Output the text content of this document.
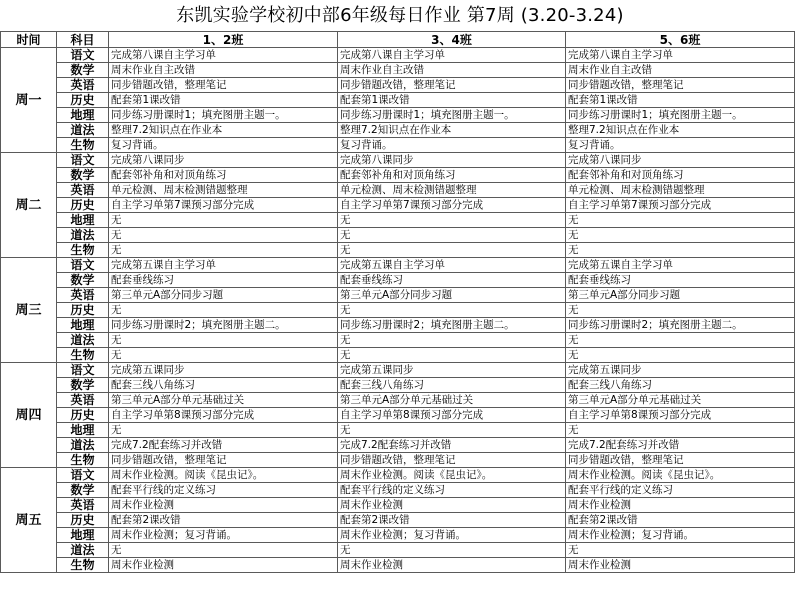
东凯实验学校初中部6年级每日作业 第7周 (3.20-3.24)
时间	科目	1、2班	3、4班	5、6班
周一	语文	完成第八课自主学习单	完成第八课自主学习单	完成第八课自主学习单
	数学	周末作业自主改错	周末作业自主改错	周末作业自主改错
	英语	同步错题改错，整理笔记	同步错题改错，整理笔记	同步错题改错，整理笔记
	历史	配套第1课改错	配套第1课改错	配套第1课改错
	地理	同步练习册课时1；填充图册主题一。	同步练习册课时1；填充图册主题一。	同步练习册课时1；填充图册主题一。
	道法	整理7.2知识点在作业本	整理7.2知识点在作业本	整理7.2知识点在作业本
	生物	复习背诵。	复习背诵。	复习背诵。
周二	语文	完成第八课同步	完成第八课同步	完成第八课同步
	数学	配套邻补角和对顶角练习	配套邻补角和对顶角练习	配套邻补角和对顶角练习
	英语	单元检测、周末检测错题整理	单元检测、周末检测错题整理	单元检测、周末检测错题整理
	历史	自主学习单第7课预习部分完成	自主学习单第7课预习部分完成	自主学习单第7课预习部分完成
	地理	无	无	无
	道法	无	无	无
	生物	无	无	无
周三	语文	完成第五课自主学习单	完成第五课自主学习单	完成第五课自主学习单
	数学	配套垂线练习	配套垂线练习	配套垂线练习
	英语	第三单元A部分同步习题	第三单元A部分同步习题	第三单元A部分同步习题
	历史	无	无	无
	地理	同步练习册课时2；填充图册主题二。	同步练习册课时2；填充图册主题二。	同步练习册课时2；填充图册主题二。
	道法	无	无	无
	生物	无	无	无
周四	语文	完成第五课同步	完成第五课同步	完成第五课同步
	数学	配套三线八角练习	配套三线八角练习	配套三线八角练习
	英语	第三单元A部分单元基础过关	第三单元A部分单元基础过关	第三单元A部分单元基础过关
	历史	自主学习单第8课预习部分完成	自主学习单第8课预习部分完成	自主学习单第8课预习部分完成
	地理	无	无	无
	道法	完成7.2配套练习并改错	完成7.2配套练习并改错	完成7.2配套练习并改错
	生物	同步错题改错，整理笔记	同步错题改错，整理笔记	同步错题改错，整理笔记
周五	语文	周末作业检测。阅读《昆虫记》。	周末作业检测。阅读《昆虫记》。	周末作业检测。阅读《昆虫记》。
	数学	配套平行线的定义练习	配套平行线的定义练习	配套平行线的定义练习
	英语	周末作业检测	周末作业检测	周末作业检测
	历史	配套第2课改错	配套第2课改错	配套第2课改错
	地理	周末作业检测；复习背诵。	周末作业检测；复习背诵。	周末作业检测；复习背诵。
	道法	无	无	无
	生物	周末作业检测	周末作业检测	周末作业检测
